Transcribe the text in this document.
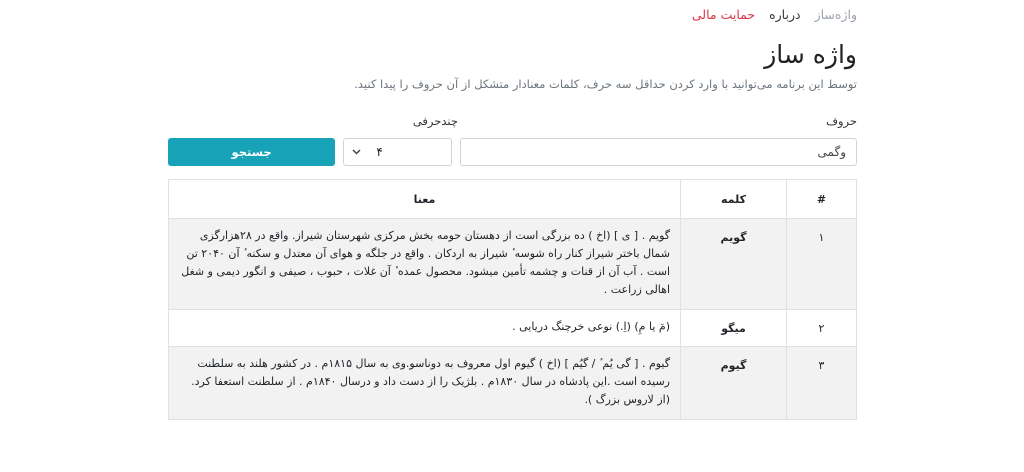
واژه‌ساز
درباره
حمایت مالی
واژه ساز

توسط این برنامه می‌توانید با وارد کردن حداقل سه حرف، کلمات معنادار متشکل از آن حروف را پیدا کنید.

حروف
چندحرفی
وگمی
۴
جستجو
#	کلمه	معنا
۱	گویم	گویم . [ ی ] (اخ ) ده بزرگی است از دهستان حومه بخش مرکزی شهرستان شیراز. واقع در ۲۸هزارگزی شمال باختر شیراز کنار راه شوسه ٔ شیراز به اردکان . واقع در جلگه و هوای آن معتدل و سکنه ٔ آن ۲۰۴۰ تن است . آب آن از قنات و چشمه تأمین میشود. محصول عمده ٔ آن غلات ، حبوب ، صیفی و انگور دیمی و شغل اهالی زراعت .
۲	میگو	(مَ یا مِ) (اِ.) نوعی خرچنگ دریایی .
۳	گیوم	گیوم . [ گی یُم ٔ / گیُم ] (اخ ) گیوم اول معروف به دوناسو.وی به سال ۱۸۱۵م . در کشور هلند به سلطنت رسیده است .این پادشاه در سال ۱۸۳۰م . بلژیک را از دست داد و درسال ۱۸۴۰م . از سلطنت استعفا کرد. (از لاروس بزرگ ).
